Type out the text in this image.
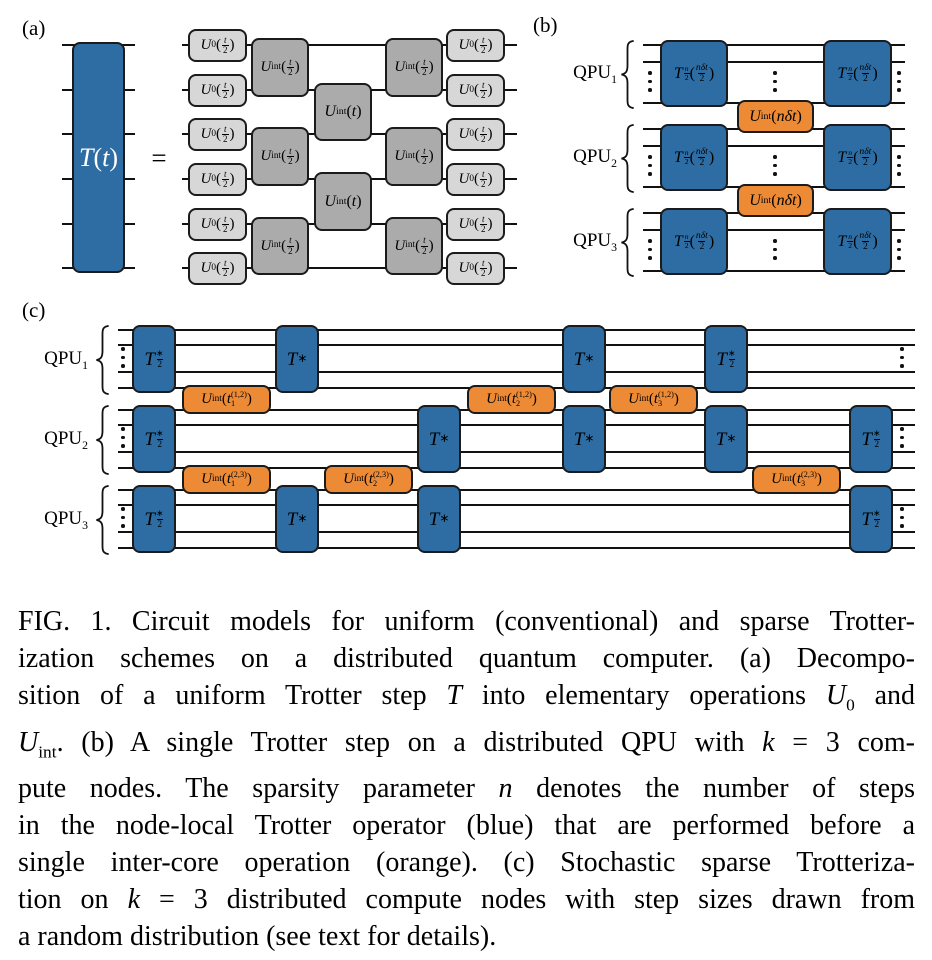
(a)	(b)
(c)
=
$QPU_1$
$QPU_2$
$QPU_3$
$QPU_1$
$QPU_2$
$QPU_3$
FIG. 1. Circuit models for uniform (conventional) and sparse Trotter-
ization schemes on a distributed quantum computer. (a) Decompo-
sition of a uniform Trotter step T into elementary operations $U_0$ and
$U_{int}$. (b) A single Trotter step on a distributed QPU with k = 3 com-
pute nodes. The sparsity parameter n denotes the number of steps
in the node-local Trotter operator (blue) that are performed before a
single inter-core operation (orange). (c) Stochastic sparse Trotteriza-
tion on k = 3 distributed compute nodes with step sizes drawn from
a random distribution (see text for details).
T ( t )
U 0 ( t
2 )
U 0 ( t
2 )
U 0 ( t
2 )
U 0 ( t
2 )
U 0 ( t
2 )
U 0 ( t
2 )
U int ( t
2 )
U int ( t
2 )
U int ( t
2 )
U int ( t )
U int ( t )
U int ( t
2 )
U int ( t
2 )
U int ( t
2 )
U 0 ( t
2 )
U 0 ( t
2 )
U 0 ( t
2 )
U 0 ( t
2 )
U 0 ( t
2 )
U 0 ( t
2 )
T n
2 ( nδt
2 )	T n
2 ( nδt
2 )
T n
2 ( nδt
2 )	T n
2 ( nδt
2 )
T n
2 ( nδt
2 )	T n
2 ( nδt
2 )
U int ( nδt )
U int ( nδt )
T ∗
2	T ∗	T ∗	T ∗
2
T ∗
2	T ∗	T ∗	T ∗	T ∗
2
T ∗
2	T ∗	T ∗	T ∗
2
U int ( t (1,2)
1 )	U int ( t (1,2)
2 )	U int ( t (1,2)
3 )
U int ( t (2,3)
1 )	U int ( t (2,3)
2 )	U int ( t (2,3)
3 )
